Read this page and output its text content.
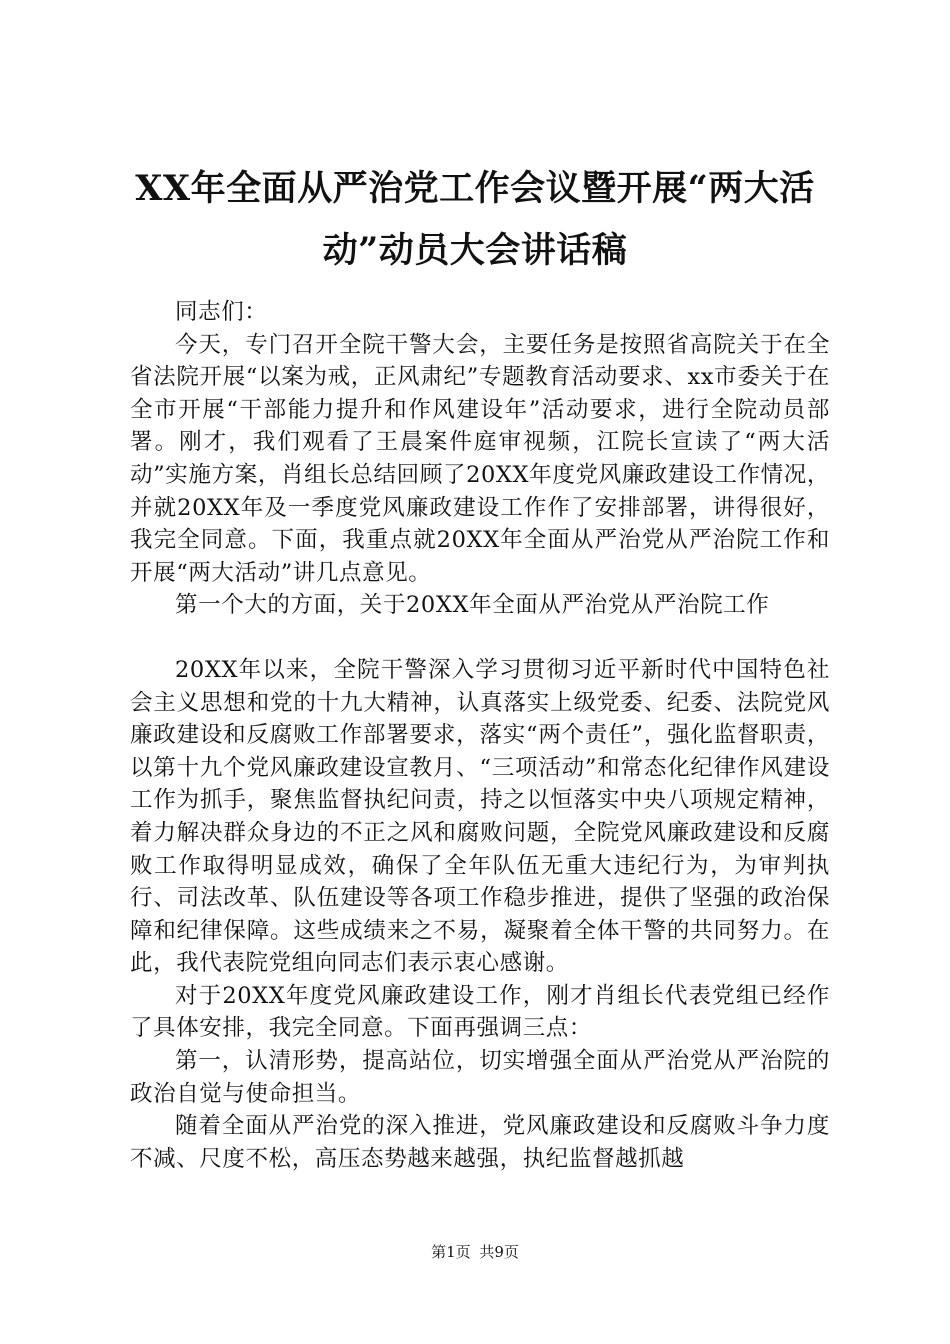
XX年全面从严治党工作会议暨开展“两大活
动”动员大会讲话稿

同志们：

今天，专门召开全院干警大会，主要任务是按照省高院关于在全省法院开展“以案为戒，正风肃纪”专题教育活动要求、xx市委关于在全市开展“干部能力提升和作风建设年”活动要求，进行全院动员部署。刚才，我们观看了王晨案件庭审视频，江院长宣读了“两大活动”实施方案，肖组长总结回顾了20XX年度党风廉政建设工作情况，并就20XX年及一季度党风廉政建设工作作了安排部署，讲得很好，我完全同意。下面，我重点就20XX年全面从严治党从严治院工作和开展“两大活动”讲几点意见。

第一个大的方面，关于20XX年全面从严治党从严治院工作

20XX年以来，全院干警深入学习贯彻习近平新时代中国特色社会主义思想和党的十九大精神，认真落实上级党委、纪委、法院党风廉政建设和反腐败工作部署要求，落实“两个责任”，强化监督职责，以第十九个党风廉政建设宣教月、“三项活动”和常态化纪律作风建设工作为抓手，聚焦监督执纪问责，持之以恒落实中央八项规定精神，着力解决群众身边的不正之风和腐败问题，全院党风廉政建设和反腐败工作取得明显成效，确保了全年队伍无重大违纪行为，为审判执行、司法改革、队伍建设等各项工作稳步推进，提供了坚强的政治保障和纪律保障。这些成绩来之不易，凝聚着全体干警的共同努力。在此，我代表院党组向同志们表示衷心感谢。

对于20XX年度党风廉政建设工作，刚才肖组长代表党组已经作了具体安排，我完全同意。下面再强调三点：

第一，认清形势，提高站位，切实增强全面从严治党从严治院的政治自觉与使命担当。

随着全面从严治党的深入推进，党风廉政建设和反腐败斗争力度不减、尺度不松，高压态势越来越强，执纪监督越抓越

第1页 共9页
